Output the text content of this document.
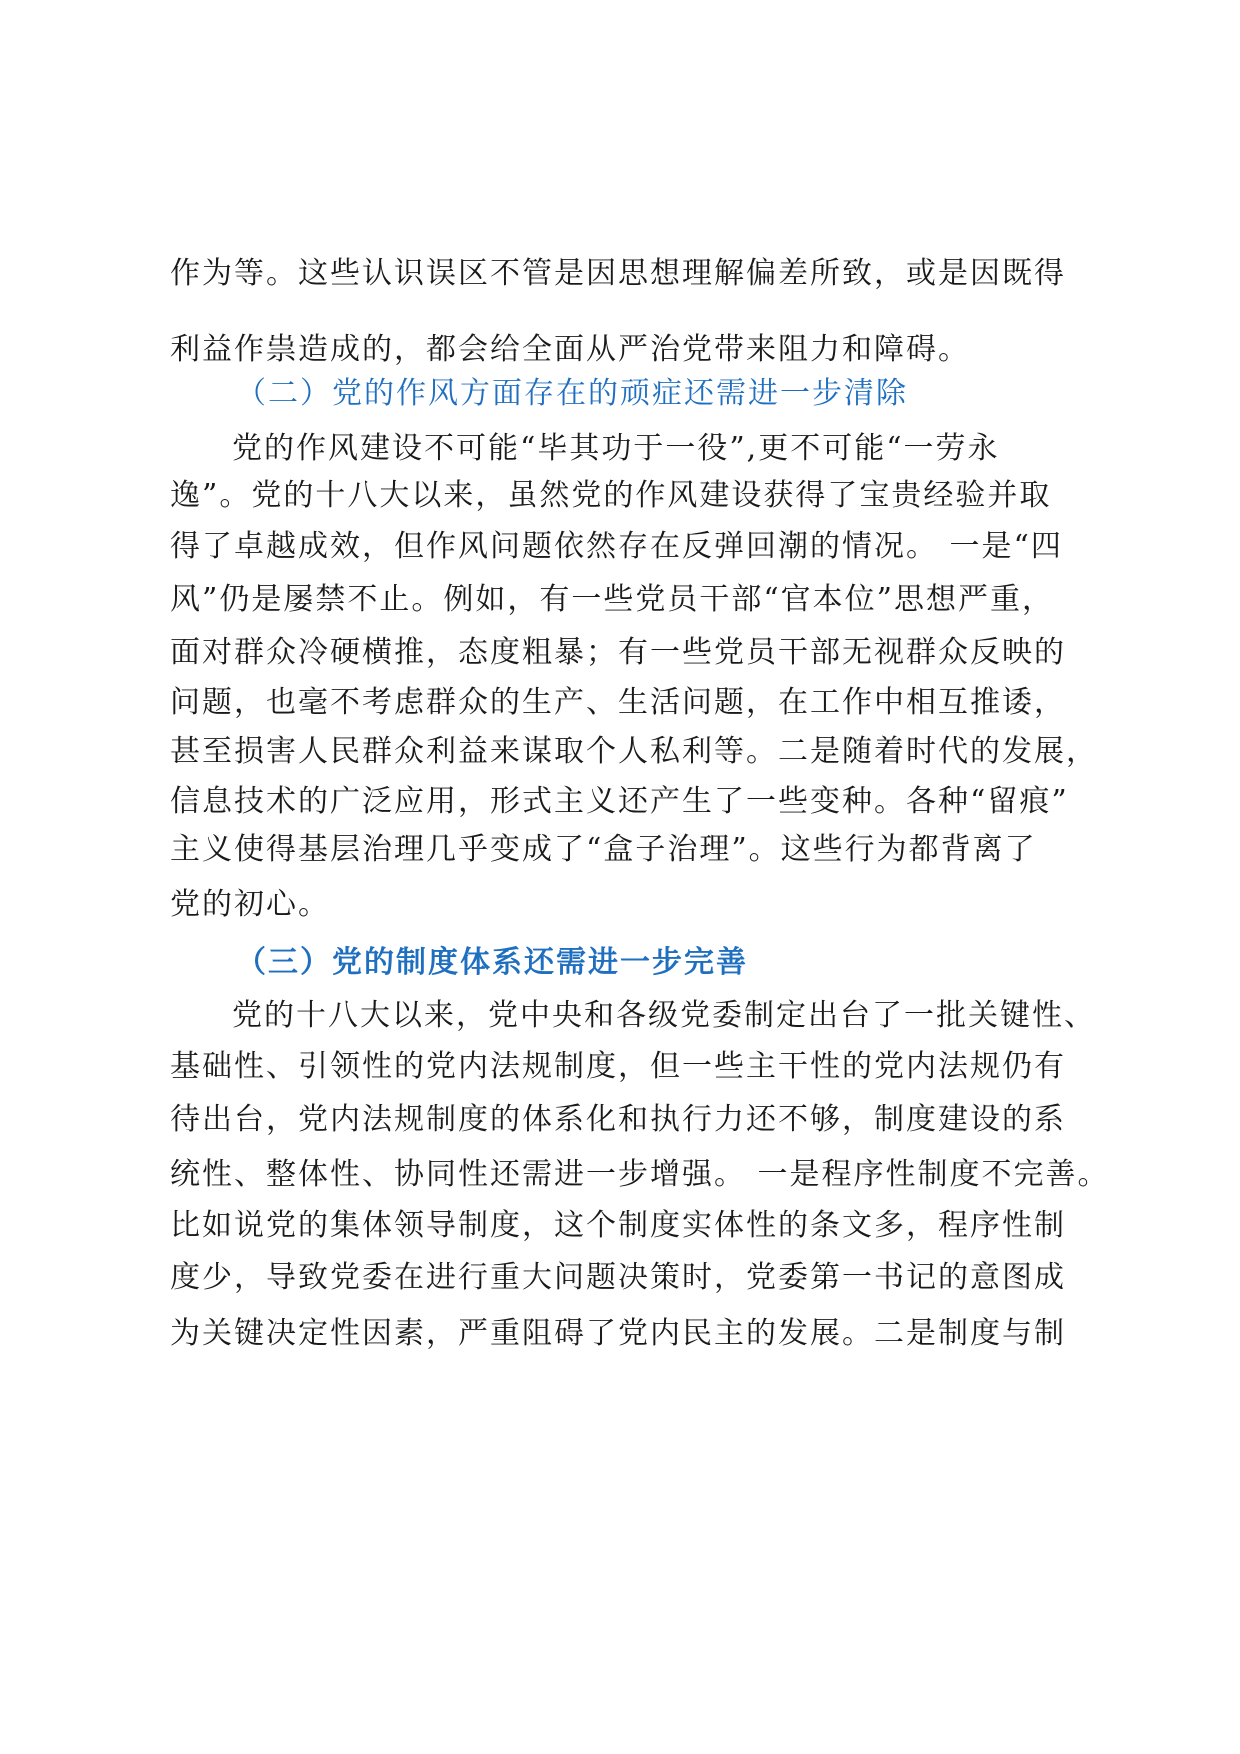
作为等。这些认识误区不管是因思想理解偏差所致，或是因既得
利益作祟造成的，都会给全面从严治党带来阻力和障碍。
（二）党的作风方面存在的顽症还需进一步清除
党的作风建设不可能“毕其功于一役”,更不可能“一劳永
逸”。党的十八大以来，虽然党的作风建设获得了宝贵经验并取
得了卓越成效，但作风问题依然存在反弹回潮的情况。 一是“四
风”仍是屡禁不止。例如，有一些党员干部“官本位”思想严重，
面对群众冷硬横推，态度粗暴；有一些党员干部无视群众反映的
问题，也毫不考虑群众的生产、生活问题，在工作中相互推诿，
甚至损害人民群众利益来谋取个人私利等。二是随着时代的发展，
信息技术的广泛应用，形式主义还产生了一些变种。各种“留痕”
主义使得基层治理几乎变成了“盒子治理”。这些行为都背离了
党的初心。
（三）党的制度体系还需进一步完善
党的十八大以来，党中央和各级党委制定出台了一批关键性、
基础性、引领性的党内法规制度，但一些主干性的党内法规仍有
待出台，党内法规制度的体系化和执行力还不够，制度建设的系
统性、整体性、协同性还需进一步增强。 一是程序性制度不完善。
比如说党的集体领导制度，这个制度实体性的条文多，程序性制
度少，导致党委在进行重大问题决策时，党委第一书记的意图成
为关键决定性因素，严重阻碍了党内民主的发展。二是制度与制
